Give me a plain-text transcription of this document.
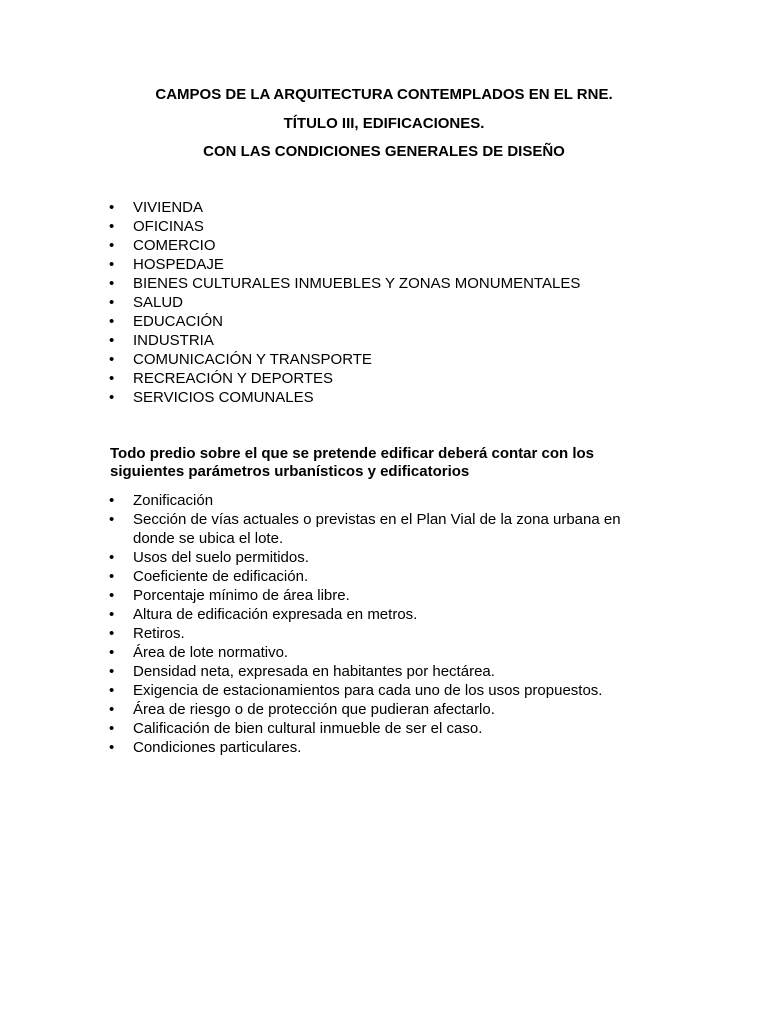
CAMPOS DE LA ARQUITECTURA CONTEMPLADOS EN EL RNE.

TÍTULO III, EDIFICACIONES.

CON LAS CONDICIONES GENERALES DE DISEÑO

•	VIVIENDA
•	OFICINAS
•	COMERCIO
•	HOSPEDAJE
•	BIENES CULTURALES INMUEBLES Y ZONAS MONUMENTALES
•	SALUD
•	EDUCACIÓN
•	INDUSTRIA
•	COMUNICACIÓN Y TRANSPORTE
•	RECREACIÓN Y DEPORTES
•	SERVICIOS COMUNALES

Todo predio sobre el que se pretende edificar deberá contar con los siguientes parámetros urbanísticos y edificatorios

•	Zonificación
•	Sección de vías actuales o previstas en el Plan Vial de la zona urbana en donde se ubica el lote.
•	Usos del suelo permitidos.
•	Coeficiente de edificación.
•	Porcentaje mínimo de área libre.
•	Altura de edificación expresada en metros.
•	Retiros.
•	Área de lote normativo.
•	Densidad neta, expresada en habitantes por hectárea.
•	Exigencia de estacionamientos para cada uno de los usos propuestos.
•	Área de riesgo o de protección que pudieran afectarlo.
•	Calificación de bien cultural inmueble de ser el caso.
•	Condiciones particulares.
